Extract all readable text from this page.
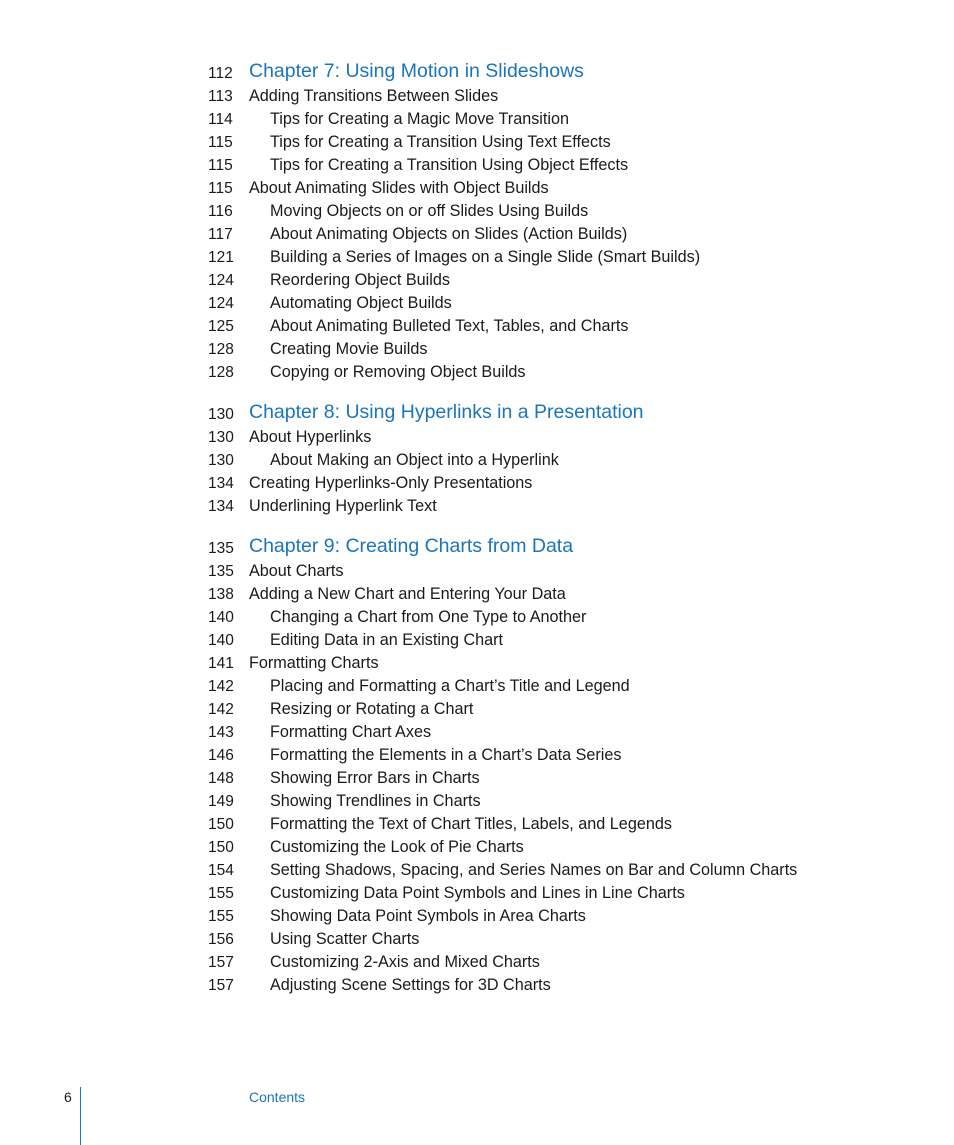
112 Chapter 7: Using Motion in Slideshows
113 Adding Transitions Between Slides
114 Tips for Creating a Magic Move Transition
115 Tips for Creating a Transition Using Text Effects
115 Tips for Creating a Transition Using Object Effects
115 About Animating Slides with Object Builds
116 Moving Objects on or off Slides Using Builds
117 About Animating Objects on Slides (Action Builds)
121 Building a Series of Images on a Single Slide (Smart Builds)
124 Reordering Object Builds
124 Automating Object Builds
125 About Animating Bulleted Text, Tables, and Charts
128 Creating Movie Builds
128 Copying or Removing Object Builds
130 Chapter 8: Using Hyperlinks in a Presentation
130 About Hyperlinks
130 About Making an Object into a Hyperlink
134 Creating Hyperlinks-Only Presentations
134 Underlining Hyperlink Text
135 Chapter 9: Creating Charts from Data
135 About Charts
138 Adding a New Chart and Entering Your Data
140 Changing a Chart from One Type to Another
140 Editing Data in an Existing Chart
141 Formatting Charts
142 Placing and Formatting a Chart’s Title and Legend
142 Resizing or Rotating a Chart
143 Formatting Chart Axes
146 Formatting the Elements in a Chart’s Data Series
148 Showing Error Bars in Charts
149 Showing Trendlines in Charts
150 Formatting the Text of Chart Titles, Labels, and Legends
150 Customizing the Look of Pie Charts
154 Setting Shadows, Spacing, and Series Names on Bar and Column Charts
155 Customizing Data Point Symbols and Lines in Line Charts
155 Showing Data Point Symbols in Area Charts
156 Using Scatter Charts
157 Customizing 2-Axis and Mixed Charts
157 Adjusting Scene Settings for 3D Charts
6	Contents
